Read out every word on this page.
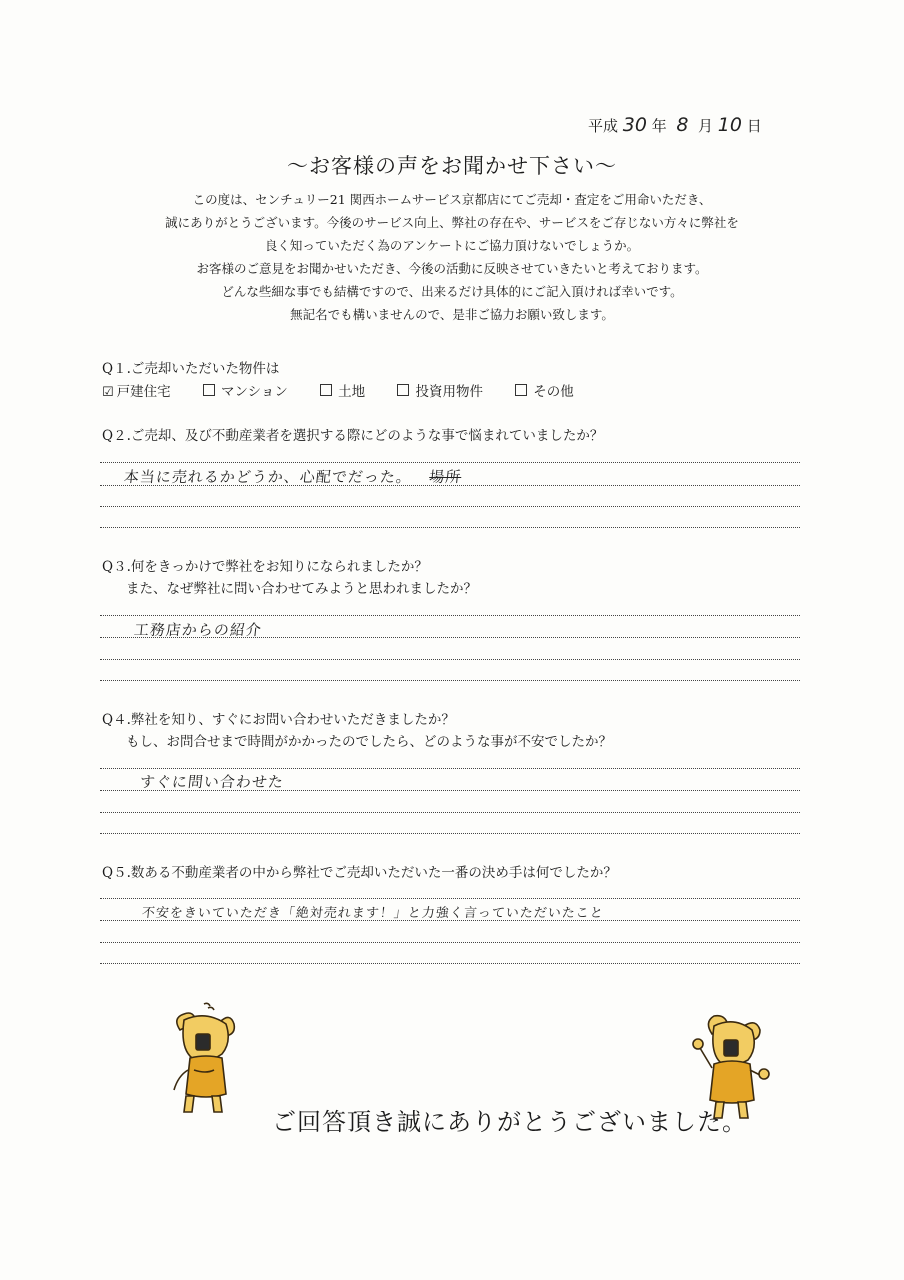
平成 30 年 8 月 10 日
〜お客様の声をお聞かせ下さい〜
この度は、センチュリー21 関西ホームサービス京都店にてご売却・査定をご用命いただき、
誠にありがとうございます。今後のサービス向上、弊社の存在や、サービスをご存じない方々に弊社を
良く知っていただく為のアンケートにご協力頂けないでしょうか。
お客様のご意見をお聞かせいただき、今後の活動に反映させていきたいと考えております。
どんな些細な事でも結構ですので、出来るだけ具体的にご記入頂ければ幸いです。
無記名でも構いませんので、是非ご協力お願い致します。
Q１.ご売却いただいた物件は
☑ 戸建住宅	マンション	土地	投資用物件	その他
Q２.ご売却、及び不動産業者を選択する際にどのような事で悩まれていましたか？
本当に売れるかどうか、心配でだった。 場所
Q３.何をきっかけで弊社をお知りになられましたか？
また、なぜ弊社に問い合わせてみようと思われましたか？
工務店からの紹介
Q４.弊社を知り、すぐにお問い合わせいただきましたか？
もし、お問合せまで時間がかかったのでしたら、どのような事が不安でしたか？
すぐに問い合わせた
Q５.数ある不動産業者の中から弊社でご売却いただいた一番の決め手は何でしたか？
不安をきいていただき「絶対売れます！」と力強く言っていただいたこと
ご回答頂き誠にありがとうございました。
